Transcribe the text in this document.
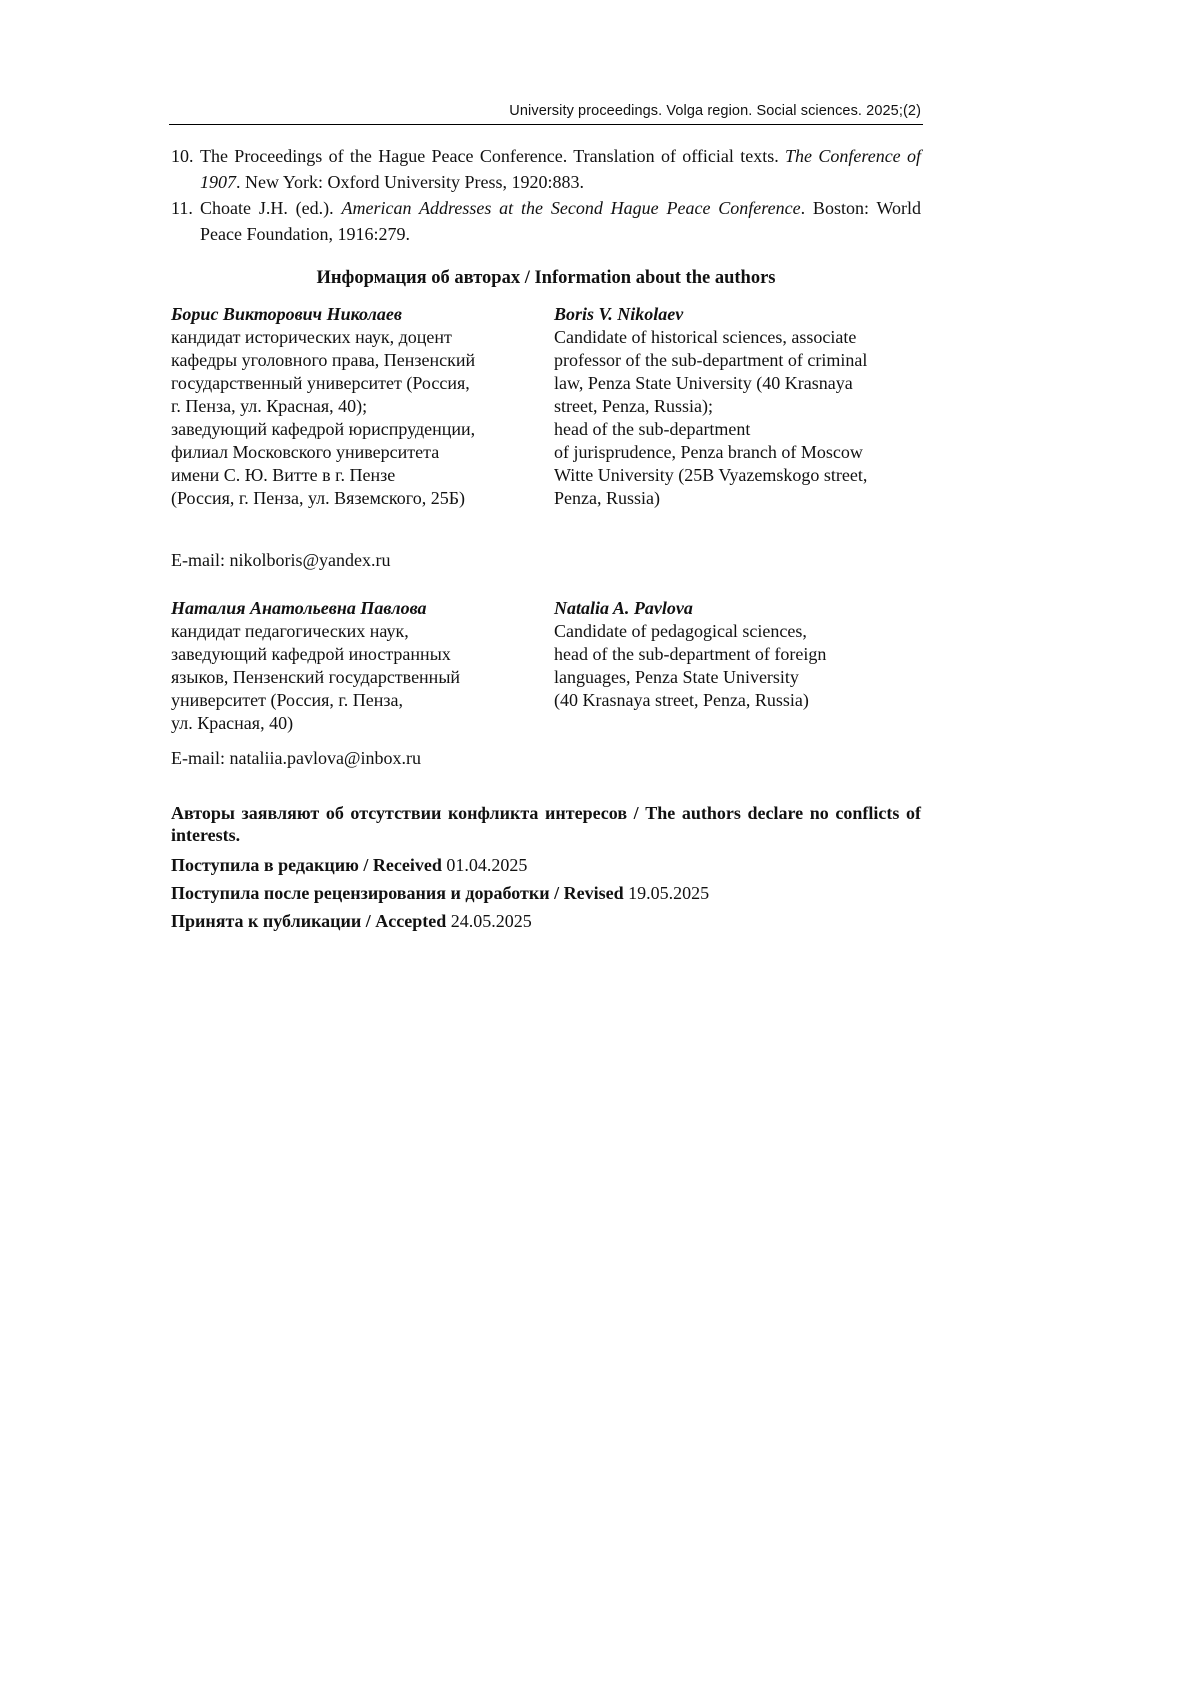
University proceedings. Volga region. Social sciences. 2025;(2)

10. The Proceedings of the Hague Peace Conference. Translation of official texts. The Conference of 1907. New York: Oxford University Press, 1920:883.

11. Choate J.H. (ed.). American Addresses at the Second Hague Peace Conference. Boston: World Peace Foundation, 1916:279.

Информация об авторах / Information about the authors
Борис Викторович Николаев
кандидат исторических наук, доцент
кафедры уголовного права, Пензенский
государственный университет (Россия,
г. Пенза, ул. Красная, 40);
заведующий кафедрой юриспруденции,
филиал Московского университета
имени С. Ю. Витте в г. Пензе
(Россия, г. Пенза, ул. Вяземского, 25Б)
Boris V. Nikolaev
Candidate of historical sciences, associate
professor of the sub-department of criminal
law, Penza State University (40 Krasnaya
street, Penza, Russia);
head of the sub-department
of jurisprudence, Penza branch of Moscow
Witte University (25B Vyazemskogo street,
Penza, Russia)
E-mail: nikolboris@yandex.ru
Наталия Анатольевна Павлова
кандидат педагогических наук,
заведующий кафедрой иностранных
языков, Пензенский государственный
университет (Россия, г. Пенза,
ул. Красная, 40)
Natalia A. Pavlova
Candidate of pedagogical sciences,
head of the sub-department of foreign
languages, Penza State University
(40 Krasnaya street, Penza, Russia)
E-mail: nataliia.pavlova@inbox.ru

Авторы заявляют об отсутствии конфликта интересов / The authors declare no conflicts of interests.

Поступила в редакцию / Received 01.04.2025

Поступила после рецензирования и доработки / Revised 19.05.2025

Принята к публикации / Accepted 24.05.2025
